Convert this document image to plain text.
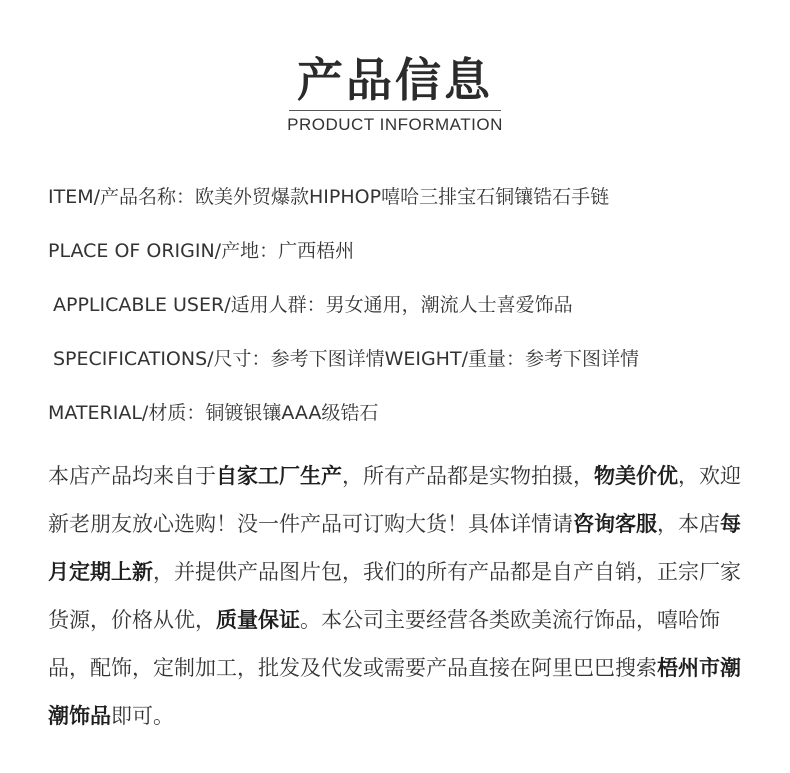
产品信息
PRODUCT INFORMATION
ITEM/产品名称：欧美外贸爆款HIPHOP嘻哈三排宝石铜镶锆石手链
PLACE OF ORIGIN/产地：广西梧州
APPLICABLE USER/适用人群：男女通用，潮流人士喜爱饰品
SPECIFICATIONS/尺寸：参考下图详情WEIGHT/重量：参考下图详情
MATERIAL/材质：铜镀银镶AAA级锆石
本店产品均来自于自家工厂生产，所有产品都是实物拍摄，物美价优，欢迎新老朋友放心选购！没一件产品可订购大货！具体详情请咨询客服，本店每月定期上新，并提供产品图片包，我们的所有产品都是自产自销，正宗厂家货源，价格从优，质量保证。本公司主要经营各类欧美流行饰品，嘻哈饰品，配饰，定制加工，批发及代发或需要产品直接在阿里巴巴搜索梧州市潮潮饰品即可。
